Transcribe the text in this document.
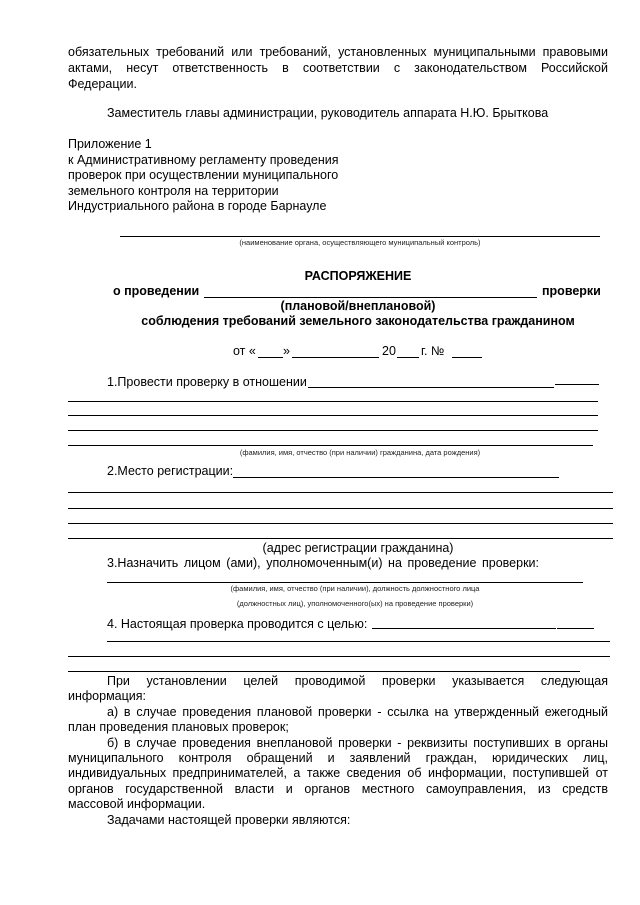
обязательных требований или требований, установленных муниципальными правовыми
актами, несут ответственность в соответствии с законодательством Российской
Федерации.
Заместитель главы администрации, руководитель аппарата Н.Ю. Брыткова
Приложение 1
к Административному регламенту проведения
проверок при осуществлении муниципального
земельного контроля на территории
Индустриального района в городе Барнауле
(наименование органа, осуществляющего муниципальный контроль)
РАСПОРЯЖЕНИЕ
о проведении	проверки
(плановой/внеплановой)
соблюдения требований земельного законодательства гражданином
от « »	20 г. №
1.Провести проверку в отношении
(фамилия, имя, отчество (при наличии) гражданина, дата рождения)
2.Место регистрации:
(адрес регистрации гражданина)
3.Назначить лицом (ами), уполномоченным(и) на проведение проверки:
(фамилия, имя, отчество (при наличии), должность должностного лица
(должностных лиц), уполномоченного(ых) на проведение проверки)
4. Настоящая проверка проводится с целью:
При установлении целей проводимой проверки указывается следующая
информация:
а) в случае проведения плановой проверки - ссылка на утвержденный ежегодный
план проведения плановых проверок;
б) в случае проведения внеплановой проверки - реквизиты поступивших в органы
муниципального контроля обращений и заявлений граждан, юридических лиц,
индивидуальных предпринимателей, а также сведения об информации, поступившей от
органов государственной власти и органов местного самоуправления, из средств
массовой информации.
Задачами настоящей проверки являются:
